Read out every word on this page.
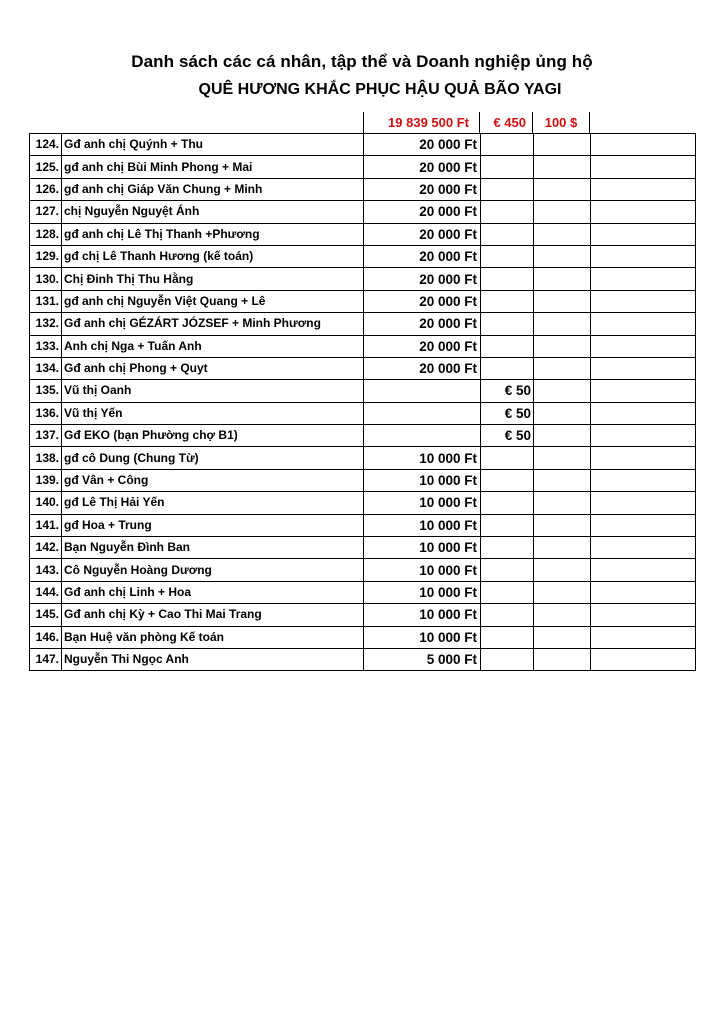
Danh sách các cá nhân, tập thể và Doanh nghiệp ủng hộ
QUÊ HƯƠNG KHẮC PHỤC HẬU QUẢ BÃO YAGI
19 839 500 Ft	€ 450	100 $
124.	Gđ anh chị Quýnh + Thu	20 000 Ft			
125.	gđ anh chị Bùi Minh Phong + Mai	20 000 Ft			
126.	gđ anh chị Giáp Văn Chung + Minh	20 000 Ft			
127.	chị Nguyễn Nguyệt Ánh	20 000 Ft			
128.	gđ anh chị Lê Thị Thanh +Phương	20 000 Ft			
129.	gđ chị Lê Thanh Hương (kế toán)	20 000 Ft			
130.	Chị Đinh Thị Thu Hằng	20 000 Ft			
131.	gđ anh chị Nguyễn Việt Quang + Lê	20 000 Ft			
132.	Gđ anh chị GÉZÁRT JÓZSEF + Minh Phương	20 000 Ft			
133.	Anh chị Nga + Tuấn Anh	20 000 Ft			
134.	Gđ anh chị Phong + Quyt	20 000 Ft			
135.	Vũ thị Oanh		€ 50		
136.	Vũ thị Yến		€ 50		
137.	Gđ EKO (bạn Phường chợ B1)		€ 50		
138.	gđ cô Dung (Chung Từ)	10 000 Ft			
139.	gđ Vân + Công	10 000 Ft			
140.	gđ Lê Thị Hải Yến	10 000 Ft			
141.	gđ Hoa + Trung	10 000 Ft			
142.	Bạn Nguyễn Đình Ban	10 000 Ft			
143.	Cô Nguyễn Hoàng Dương	10 000 Ft			
144.	Gđ anh chị Linh + Hoa	10 000 Ft			
145.	Gđ anh chị Kỳ + Cao Thi Mai Trang	10 000 Ft			
146.	Bạn Huệ văn phòng Kế toán	10 000 Ft			
147.	Nguyễn Thi Ngọc Anh	5 000 Ft			
